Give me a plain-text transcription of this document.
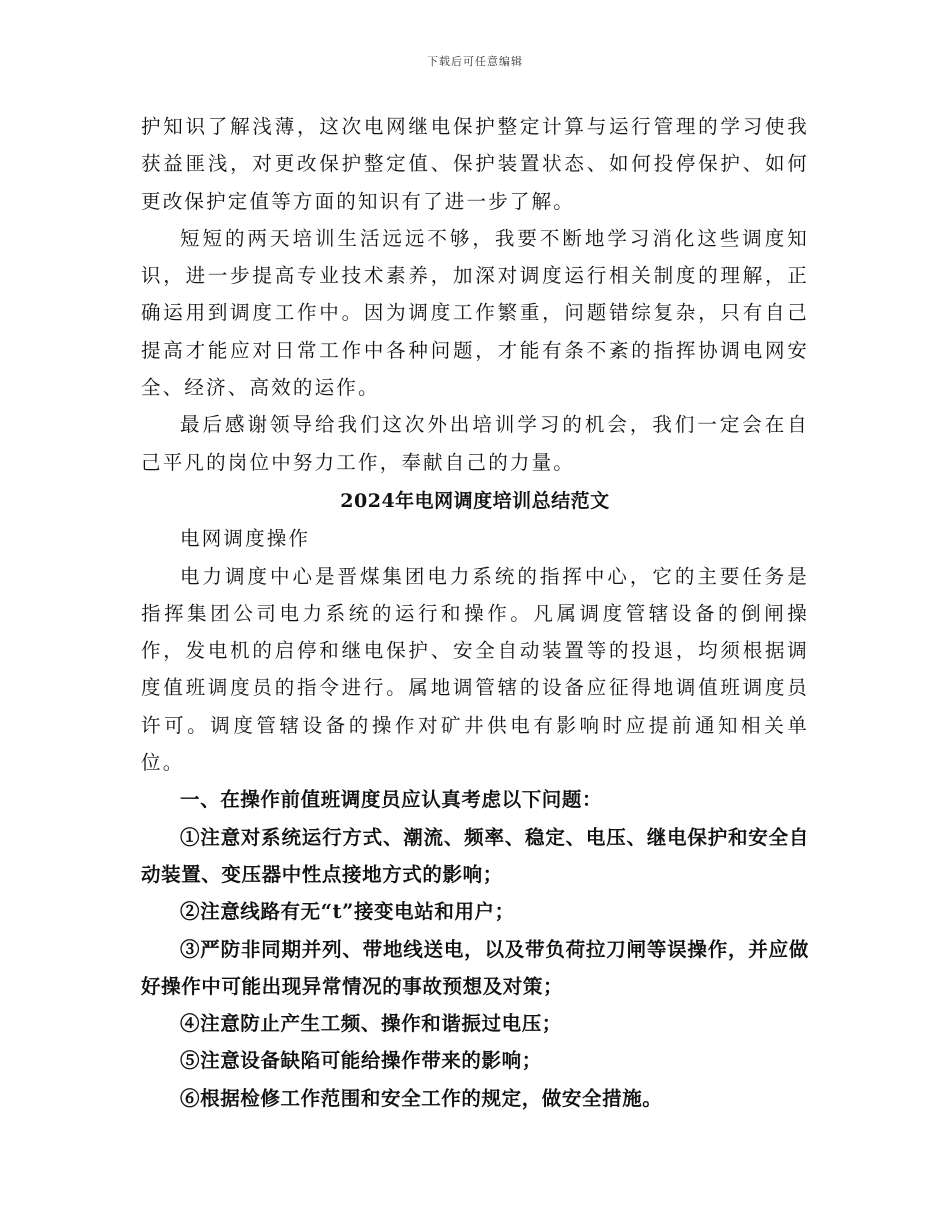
下载后可任意编辑

护知识了解浅薄，这次电网继电保护整定计算与运行管理的学习使我获益匪浅，对更改保护整定值、保护装置状态、如何投停保护、如何更改保护定值等方面的知识有了进一步了解。

短短的两天培训生活远远不够，我要不断地学习消化这些调度知识，进一步提高专业技术素养，加深对调度运行相关制度的理解，正确运用到调度工作中。因为调度工作繁重，问题错综复杂，只有自己提高才能应对日常工作中各种问题，才能有条不紊的指挥协调电网安全、经济、高效的运作。

最后感谢领导给我们这次外出培训学习的机会，我们一定会在自己平凡的岗位中努力工作，奉献自己的力量。

2024年电网调度培训总结范文

电网调度操作

电力调度中心是晋煤集团电力系统的指挥中心，它的主要任务是指挥集团公司电力系统的运行和操作。凡属调度管辖设备的倒闸操作，发电机的启停和继电保护、安全自动装置等的投退，均须根据调度值班调度员的指令进行。属地调管辖的设备应征得地调值班调度员许可。调度管辖设备的操作对矿井供电有影响时应提前通知相关单位。

一、在操作前值班调度员应认真考虑以下问题：

①注意对系统运行方式、潮流、频率、稳定、电压、继电保护和安全自动装置、变压器中性点接地方式的影响；

②注意线路有无“t”接变电站和用户；

③严防非同期并列、带地线送电，以及带负荷拉刀闸等误操作，并应做好操作中可能出现异常情况的事故预想及对策；

④注意防止产生工频、操作和谐振过电压；

⑤注意设备缺陷可能给操作带来的影响；

⑥根据检修工作范围和安全工作的规定，做安全措施。
